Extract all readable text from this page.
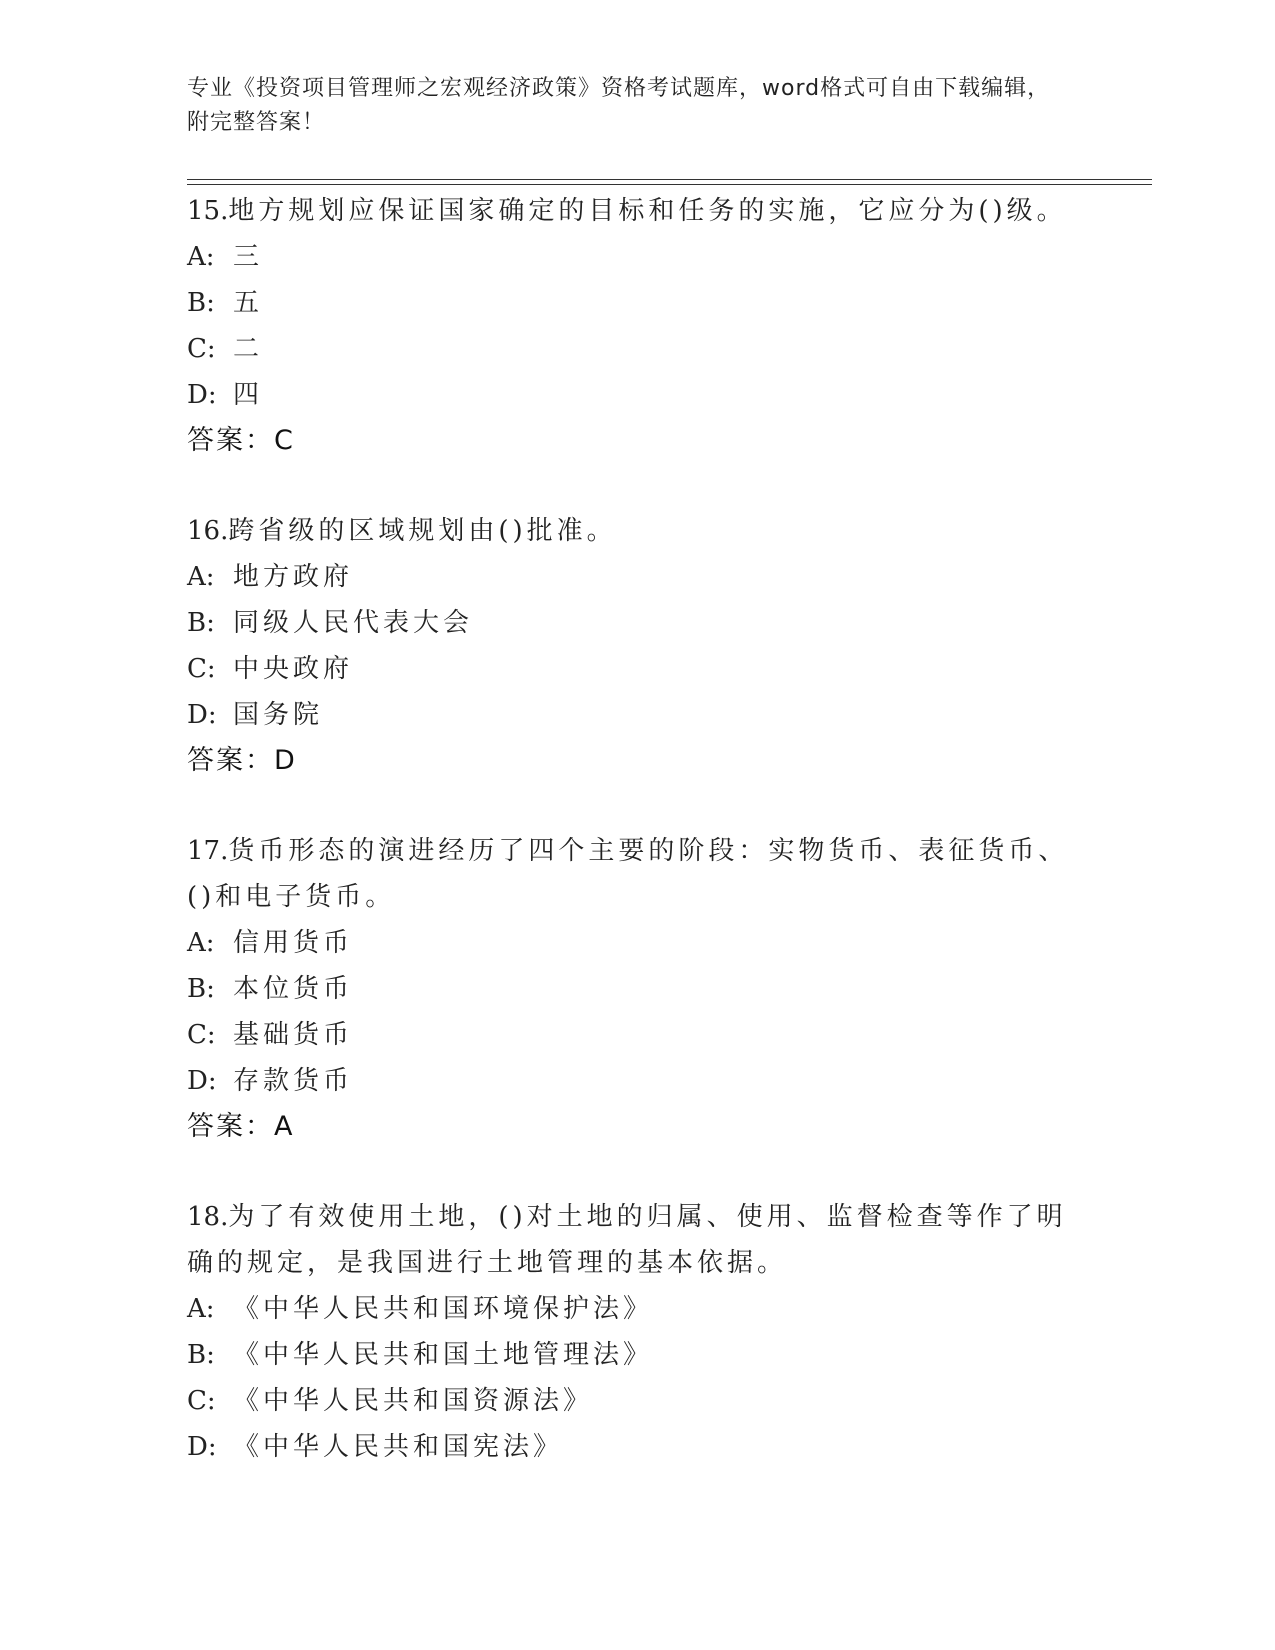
专业《投资项目管理师之宏观经济政策》资格考试题库，word格式可自由下载编辑，附完整答案！
15.地方规划应保证国家确定的目标和任务的实施，它应分为()级。
A: 三
B: 五
C: 二
D: 四
答案：C
16.跨省级的区域规划由()批准。
A: 地方政府
B: 同级人民代表大会
C: 中央政府
D: 国务院
答案：D
17.货币形态的演进经历了四个主要的阶段：实物货币、表征货币、()和电子货币。
A: 信用货币
B: 本位货币
C: 基础货币
D: 存款货币
答案：A
18.为了有效使用土地，()对土地的归属、使用、监督检查等作了明确的规定，是我国进行土地管理的基本依据。
A: 《中华人民共和国环境保护法》
B: 《中华人民共和国土地管理法》
C: 《中华人民共和国资源法》
D: 《中华人民共和国宪法》
